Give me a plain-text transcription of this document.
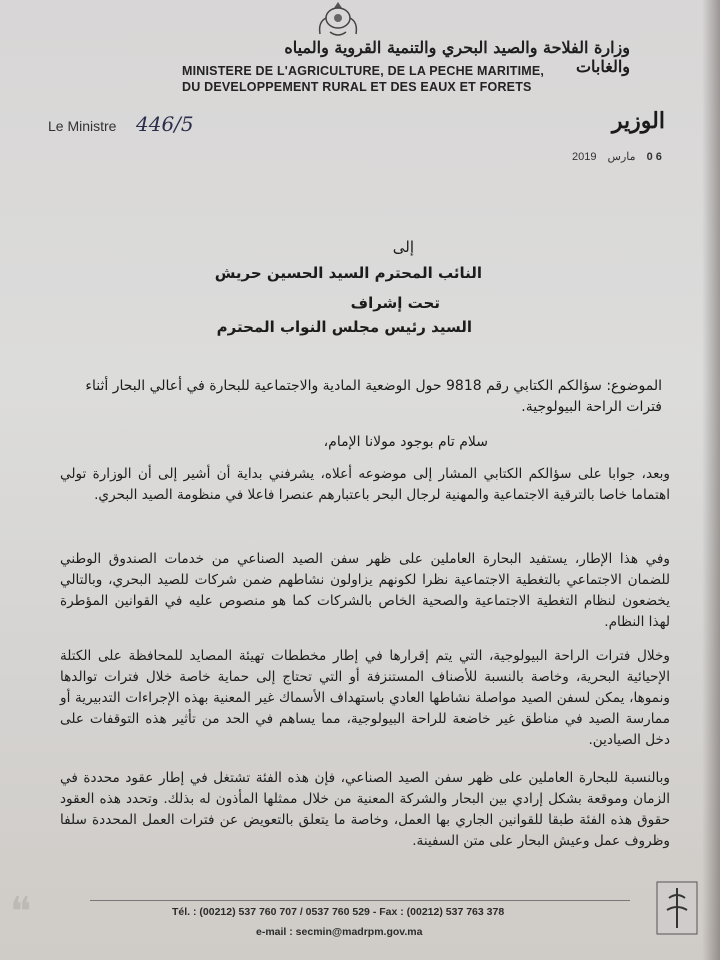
وزارة الفلاحة والصيد البحري والتنمية القروية والمياه والغابات
MINISTERE DE L'AGRICULTURE, DE LA PECHE MARITIME,
DU DEVELOPPEMENT RURAL ET DES EAUX ET FORETS
Le Ministre 446/5	الوزير
2019 مارس 0 6
إلى
النائب المحترم السيد الحسين حريش
تحت إشراف
السيد رئيس مجلس النواب المحترم
الموضوع: سؤالكم الكتابي رقم 9818 حول الوضعية المادية والاجتماعية للبحارة في أعالي البحار أثناء فترات الراحة البيولوجية.
سلام تام بوجود مولانا الإمام،
وبعد، جوابا على سؤالكم الكتابي المشار إلى موضوعه أعلاه، يشرفني بداية أن أشير إلى أن الوزارة تولي اهتماما خاصا بالترقية الاجتماعية والمهنية لرجال البحر باعتبارهم عنصرا فاعلا في منظومة الصيد البحري.
وفي هذا الإطار، يستفيد البحارة العاملين على ظهر سفن الصيد الصناعي من خدمات الصندوق الوطني للضمان الاجتماعي بالتغطية الاجتماعية نظرا لكونهم يزاولون نشاطهم ضمن شركات للصيد البحري، وبالتالي يخضعون لنظام التغطية الاجتماعية والصحية الخاص بالشركات كما هو منصوص عليه في القوانين المؤطرة لهذا النظام.
وخلال فترات الراحة البيولوجية، التي يتم إقرارها في إطار مخططات تهيئة المصايد للمحافظة على الكتلة الإحيائية البحرية، وخاصة بالنسبة للأصناف المستنزفة أو التي تحتاج إلى حماية خاصة خلال فترات توالدها ونموها، يمكن لسفن الصيد مواصلة نشاطها العادي باستهداف الأسماك غير المعنية بهذه الإجراءات التدبيرية أو ممارسة الصيد في مناطق غير خاضعة للراحة البيولوجية، مما يساهم في الحد من تأثير هذه التوقفات على دخل الصيادين.
وبالنسبة للبحارة العاملين على ظهر سفن الصيد الصناعي، فإن هذه الفئة تشتغل في إطار عقود محددة في الزمان وموقعة بشكل إرادي بين البحار والشركة المعنية من خلال ممثلها المأذون له بذلك. وتحدد هذه العقود حقوق هذه الفئة طبقا للقوانين الجاري بها العمل، وخاصة ما يتعلق بالتعويض عن فترات العمل المحددة سلفا وظروف عمل وعيش البحار على متن السفينة.
❝	Tél. : (00212) 537 760 707 / 0537 760 529 - Fax : (00212) 537 763 378
e-mail : secmin@madrpm.gov.ma
